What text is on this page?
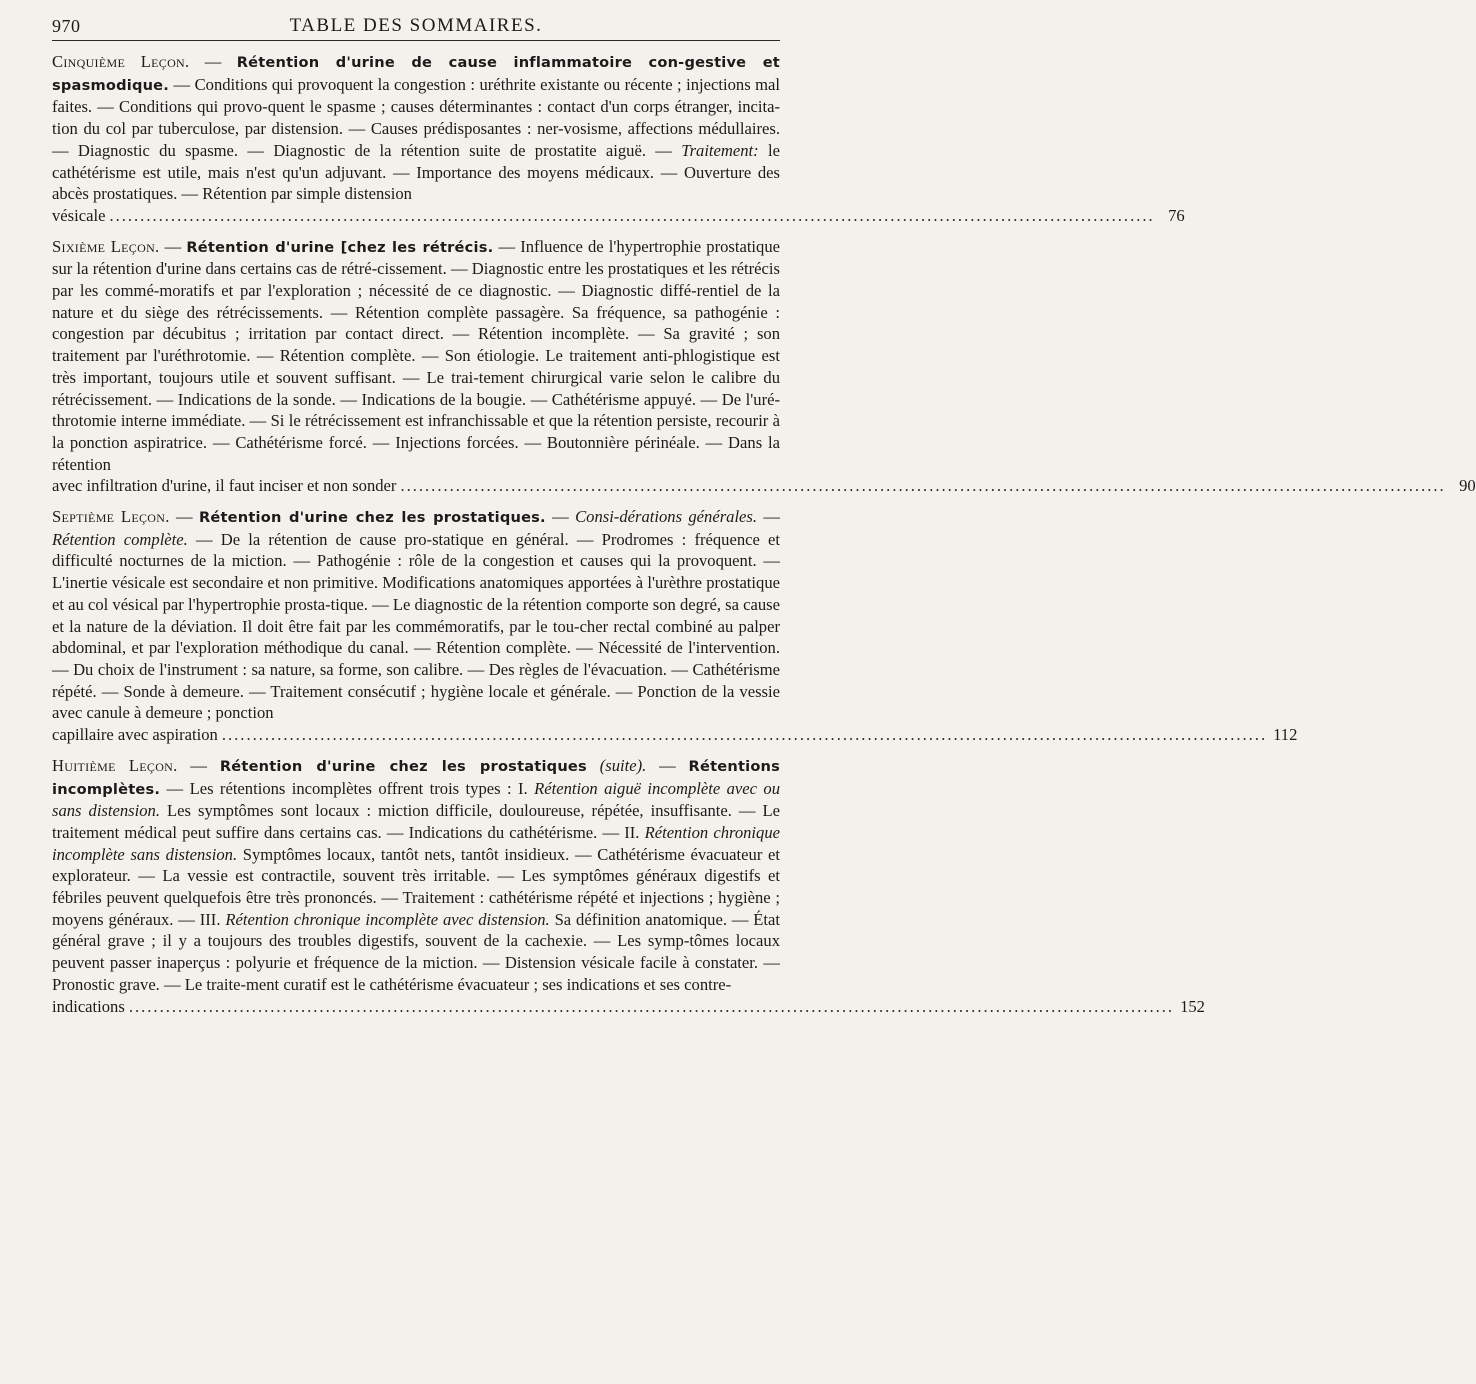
970	TABLE DES SOMMAIRES.
Cinquième Leçon. — Rétention d'urine de cause inflammatoire con-gestive et spasmodique. — Conditions qui provoquent la congestion : uréthrite existante ou récente ; injections mal faites. — Conditions qui provo-quent le spasme ; causes déterminantes : contact d'un corps étranger, incita-tion du col par tuberculose, par distension. — Causes prédisposantes : ner-vosisme, affections médullaires. — Diagnostic du spasme. — Diagnostic de la rétention suite de prostatite aiguë. — Traitement: le cathétérisme est utile, mais n'est qu'un adjuvant. — Importance des moyens médicaux. — Ouverture des abcès prostatiques. — Rétention par simple distension
vésicale .......................................................................................................................................................................... 76
Sixième Leçon. — Rétention d'urine [chez les rétrécis. — Influence de l'hypertrophie prostatique sur la rétention d'urine dans certains cas de rétré-cissement. — Diagnostic entre les prostatiques et les rétrécis par les commé-moratifs et par l'exploration ; nécessité de ce diagnostic. — Diagnostic diffé-rentiel de la nature et du siège des rétrécissements. — Rétention complète passagère. Sa fréquence, sa pathogénie : congestion par décubitus ; irritation par contact direct. — Rétention incomplète. — Sa gravité ; son traitement par l'uréthrotomie. — Rétention complète. — Son étiologie. Le traitement anti-phlogistique est très important, toujours utile et souvent suffisant. — Le trai-tement chirurgical varie selon le calibre du rétrécissement. — Indications de la sonde. — Indications de la bougie. — Cathétérisme appuyé. — De l'uré-throtomie interne immédiate. — Si le rétrécissement est infranchissable et que la rétention persiste, recourir à la ponction aspiratrice. — Cathétérisme forcé. — Injections forcées. — Boutonnière périnéale. — Dans la rétention
avec infiltration d'urine, il faut inciser et non sonder .......................................................................................................................................................................... 90
Septième Leçon. — Rétention d'urine chez les prostatiques. — Consi-dérations générales. — Rétention complète. — De la rétention de cause pro-statique en général. — Prodromes : fréquence et difficulté nocturnes de la miction. — Pathogénie : rôle de la congestion et causes qui la provoquent. — L'inertie vésicale est secondaire et non primitive. Modifications anatomiques apportées à l'urèthre prostatique et au col vésical par l'hypertrophie prosta-tique. — Le diagnostic de la rétention comporte son degré, sa cause et la nature de la déviation. Il doit être fait par les commémoratifs, par le tou-cher rectal combiné au palper abdominal, et par l'exploration méthodique du canal. — Rétention complète. — Nécessité de l'intervention. — Du choix de l'instrument : sa nature, sa forme, son calibre. — Des règles de l'évacuation. — Cathétérisme répété. — Sonde à demeure. — Traitement consécutif ; hygiène locale et générale. — Ponction de la vessie avec canule à demeure ; ponction
capillaire avec aspiration .......................................................................................................................................................................... 112
Huitième Leçon. — Rétention d'urine chez les prostatiques (suite). — Rétentions incomplètes. — Les rétentions incomplètes offrent trois types : I. Rétention aiguë incomplète avec ou sans distension. Les symptômes sont locaux : miction difficile, douloureuse, répétée, insuffisante. — Le traitement médical peut suffire dans certains cas. — Indications du cathétérisme. — II. Rétention chronique incomplète sans distension. Symptômes locaux, tantôt nets, tantôt insidieux. — Cathétérisme évacuateur et explorateur. — La vessie est contractile, souvent très irritable. — Les symptômes généraux digestifs et fébriles peuvent quelquefois être très prononcés. — Traitement : cathétérisme répété et injections ; hygiène ; moyens généraux. — III. Rétention chronique incomplète avec distension. Sa définition anatomique. — État général grave ; il y a toujours des troubles digestifs, souvent de la cachexie. — Les symp-tômes locaux peuvent passer inaperçus : polyurie et fréquence de la miction. — Distension vésicale facile à constater. — Pronostic grave. — Le traite-ment curatif est le cathétérisme évacuateur ; ses indications et ses contre-
indications .......................................................................................................................................................................... 152
